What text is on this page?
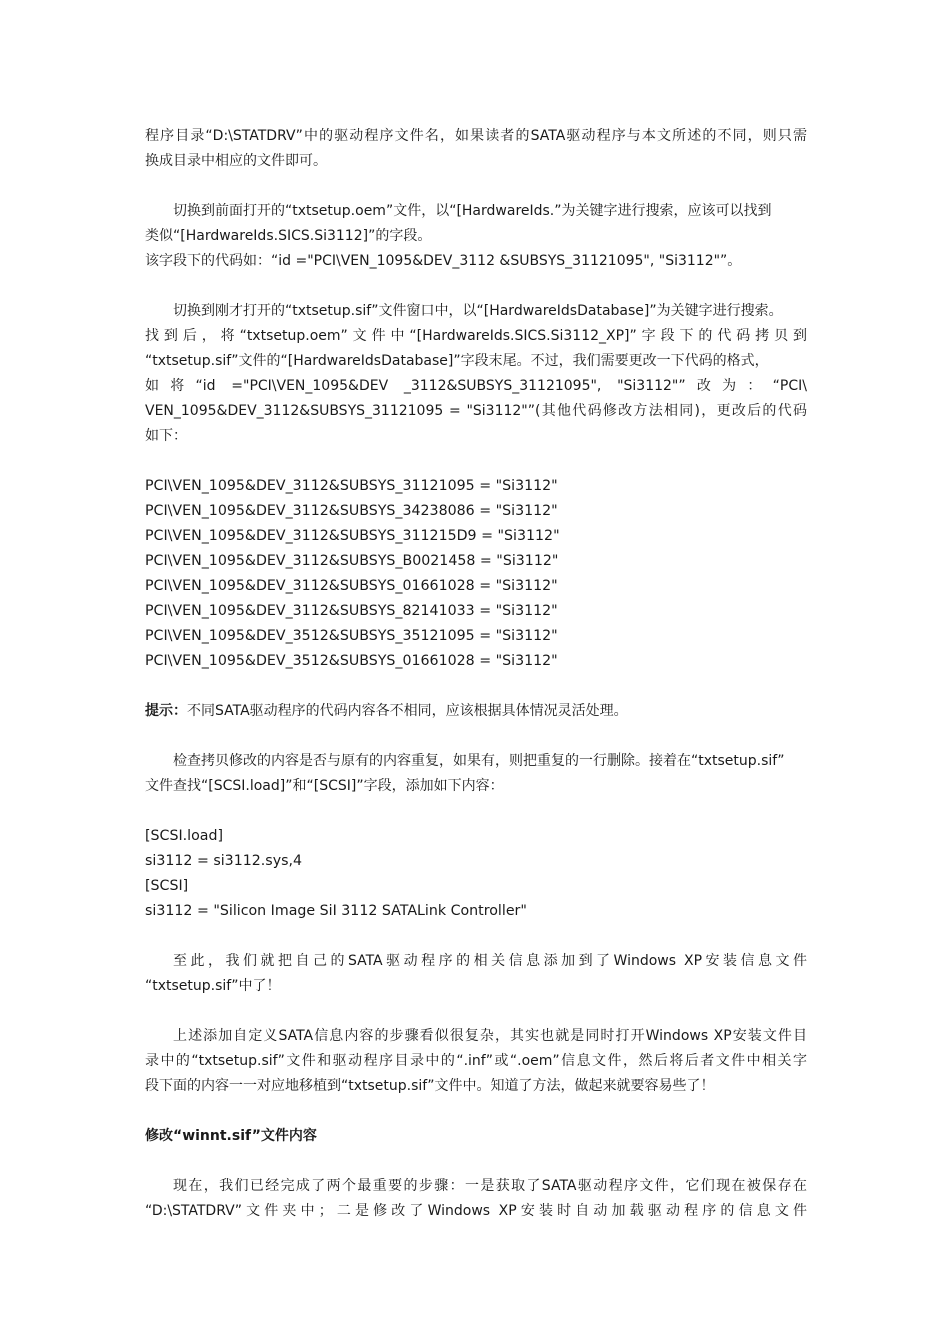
程序目录“D:\STATDRV”中的驱动程序文件名，如果读者的SATA驱动程序与本文所述的不同，则只需
换成目录中相应的文件即可。
切换到前面打开的“txtsetup.oem”文件，以“[HardwareIds.”为关键字进行搜索，应该可以找到
类似“[HardwareIds.SICS.Si3112]”的字段。
该字段下的代码如：“id ="PCI\VEN_1095&DEV_3112 &SUBSYS_31121095", "Si3112"”。
切换到刚才打开的“txtsetup.sif”文件窗口中，以“[HardwareIdsDatabase]”为关键字进行搜索。
找到后，将“txtsetup.oem”文件中“[HardwareIds.SICS.Si3112_XP]”字段下的代码拷贝到
“txtsetup.sif”文件的“[HardwareIdsDatabase]”字段末尾。不过，我们需要更改一下代码的格式，
如将“id ="PCI\VEN_1095&DEV _3112&SUBSYS_31121095", "Si3112"”改为：“PCI\
VEN_1095&DEV_3112&SUBSYS_31121095 = "Si3112"”(其他代码修改方法相同)，更改后的代码
如下：
PCI\VEN_1095&DEV_3112&SUBSYS_31121095 = "Si3112"
PCI\VEN_1095&DEV_3112&SUBSYS_34238086 = "Si3112"
PCI\VEN_1095&DEV_3112&SUBSYS_311215D9 = "Si3112"
PCI\VEN_1095&DEV_3112&SUBSYS_B0021458 = "Si3112"
PCI\VEN_1095&DEV_3112&SUBSYS_01661028 = "Si3112"
PCI\VEN_1095&DEV_3112&SUBSYS_82141033 = "Si3112"
PCI\VEN_1095&DEV_3512&SUBSYS_35121095 = "Si3112"
PCI\VEN_1095&DEV_3512&SUBSYS_01661028 = "Si3112"
提示：不同SATA驱动程序的代码内容各不相同，应该根据具体情况灵活处理。
检查拷贝修改的内容是否与原有的内容重复，如果有，则把重复的一行删除。接着在“txtsetup.sif”
文件查找“[SCSI.load]”和“[SCSI]”字段，添加如下内容：
[SCSI.load]
si3112 = si3112.sys,4
[SCSI]
si3112 = "Silicon Image SiI 3112 SATALink Controller"
至此，我们就把自己的SATA驱动程序的相关信息添加到了Windows XP安装信息文件
“txtsetup.sif”中了！
上述添加自定义SATA信息内容的步骤看似很复杂，其实也就是同时打开Windows XP安装文件目
录中的“txtsetup.sif”文件和驱动程序目录中的“.inf”或“.oem”信息文件，然后将后者文件中相关字
段下面的内容一一对应地移植到“txtsetup.sif”文件中。知道了方法，做起来就要容易些了！
修改“winnt.sif”文件内容
现在，我们已经完成了两个最重要的步骤：一是获取了SATA驱动程序文件，它们现在被保存在
“D:\STATDRV”文件夹中；二是修改了Windows XP安装时自动加载驱动程序的信息文件
